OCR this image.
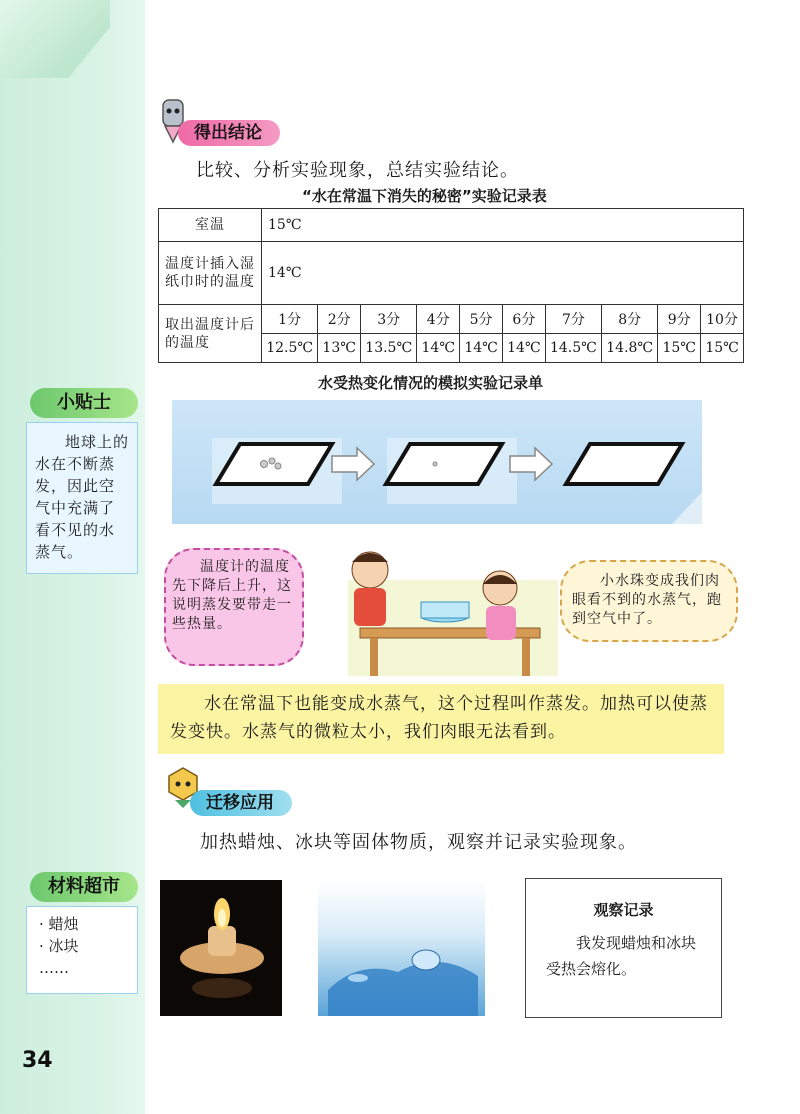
得出结论
比较、分析实验现象，总结实验结论。
“水在常温下消失的秘密”实验记录表
室温	15℃									
温度计插入湿纸巾时的温度	14℃									
取出温度计后的温度	1分	2分	3分	4分	5分	6分	7分	8分	9分	10分
	12.5℃	13℃	13.5℃	14℃	14℃	14℃	14.5℃	14.8℃	15℃	15℃
水受热变化情况的模拟实验记录单
小贴士
地球上的水在不断蒸发，因此空气中充满了看不见的水蒸气。
温度计的温度先下降后上升，这说明蒸发要带走一些热量。
小水珠变成我们肉眼看不到的水蒸气，跑到空气中了。
水在常温下也能变成水蒸气，这个过程叫作蒸发。加热可以使蒸发变快。水蒸气的微粒太小，我们肉眼无法看到。
迁移应用
加热蜡烛、冰块等固体物质，观察并记录实验现象。
材料超市
· 蜡烛
· 冰块
……
观察记录
我发现蜡烛和冰块受热会熔化。
34
